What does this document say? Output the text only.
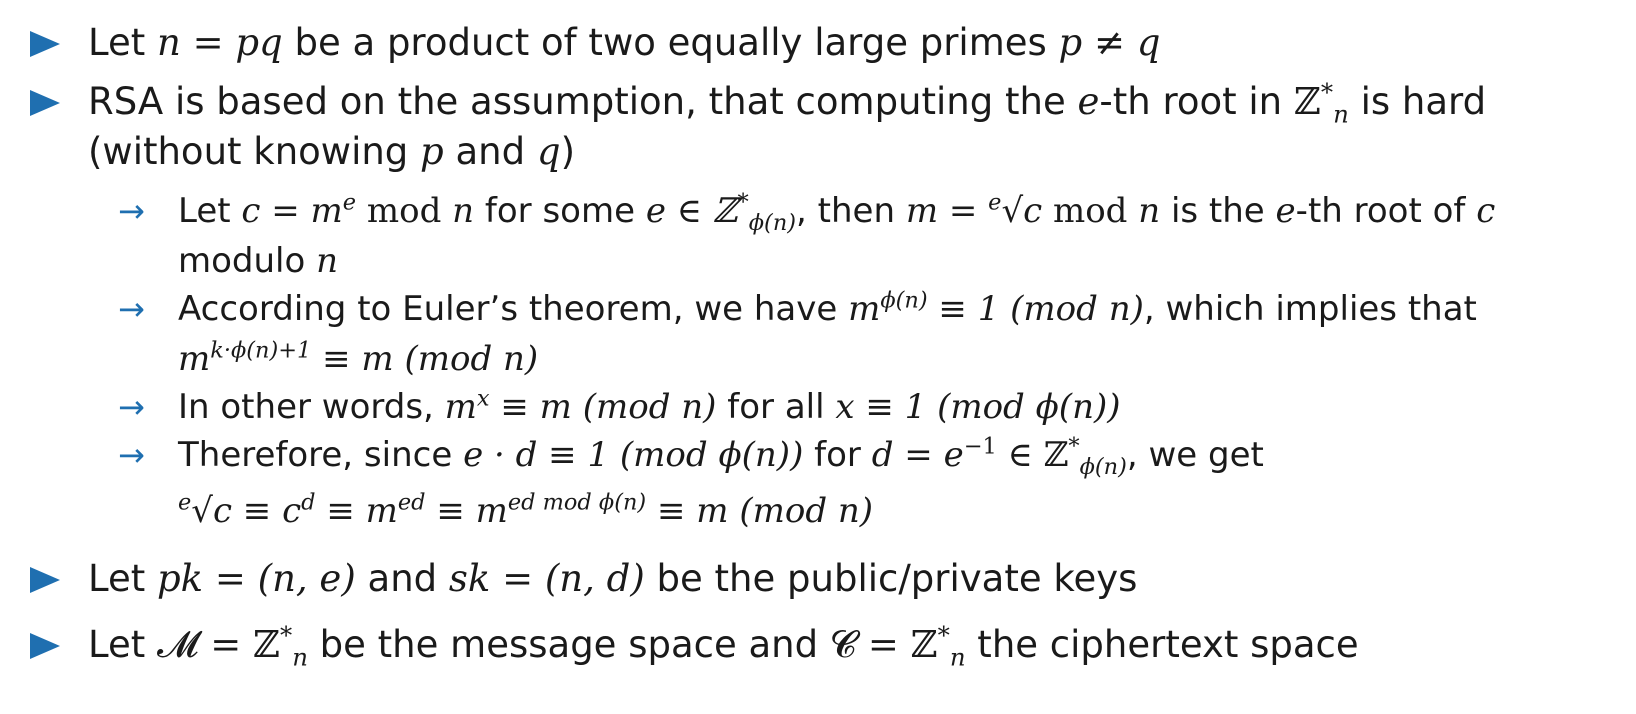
Let n = pq be a product of two equally large primes p ≠ q
RSA is based on the assumption, that computing the e-th root in ℤ*$_n$ is hard
(without knowing p and q)
→ Let $c = m^e$ mod n for some e ∈ ℤ*$_{\phi(n)}$, then m = $^e$√c mod n is the e-th root of c
modulo n
→ According to Euler’s theorem, we have $m^{\phi(n)} \equiv 1$ (mod n), which implies that
$m^{k\cdot\phi(n)+1} \equiv m$ (mod n)
→ In other words, $m^x \equiv m$ (mod n) for all x ≡ 1 (mod ϕ(n))
→ Therefore, since e · d ≡ 1 (mod ϕ(n)) for $d = e^{-1}$ ∈ ℤ*$_{\phi(n)}$, we get
$^e√c \equiv c^d \equiv m^{ed} \equiv m^{ed mod \phi(n)} \equiv m$ (mod n)
Let pk = (n, e) and sk = (n, d) be the public/private keys
Let 𝓜 = ℤ*$_n$ be the message space and 𝓒 = ℤ*$_n$ the ciphertext space
